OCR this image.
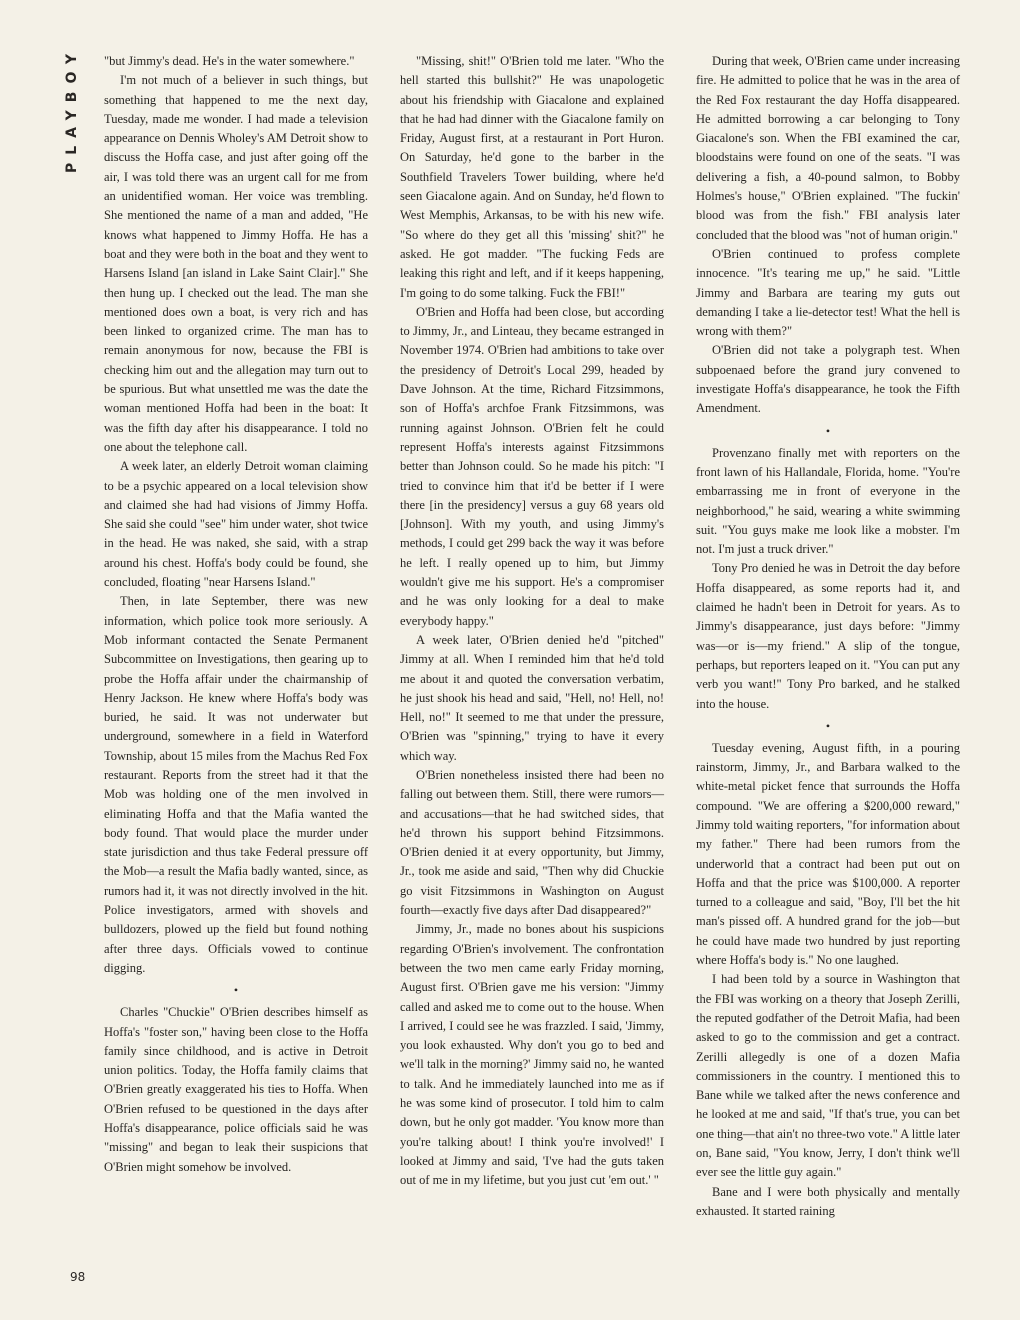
PLAYBOY
98

"but Jimmy's dead. He's in the water somewhere."

I'm not much of a believer in such things, but something that happened to me the next day, Tuesday, made me wonder. I had made a television appearance on Dennis Wholey's AM Detroit show to discuss the Hoffa case, and just after going off the air, I was told there was an urgent call for me from an unidentified woman. Her voice was trembling. She mentioned the name of a man and added, "He knows what happened to Jimmy Hoffa. He has a boat and they were both in the boat and they went to Harsens Island [an island in Lake Saint Clair]." She then hung up. I checked out the lead. The man she mentioned does own a boat, is very rich and has been linked to organized crime. The man has to remain anonymous for now, because the FBI is checking him out and the allegation may turn out to be spurious. But what unsettled me was the date the woman mentioned Hoffa had been in the boat: It was the fifth day after his disappearance. I told no one about the telephone call.

A week later, an elderly Detroit woman claiming to be a psychic appeared on a local television show and claimed she had had visions of Jimmy Hoffa. She said she could "see" him under water, shot twice in the head. He was naked, she said, with a strap around his chest. Hoffa's body could be found, she concluded, floating "near Harsens Island."

Then, in late September, there was new information, which police took more seriously. A Mob informant contacted the Senate Permanent Subcommittee on Investigations, then gearing up to probe the Hoffa affair under the chairmanship of Henry Jackson. He knew where Hoffa's body was buried, he said. It was not underwater but underground, somewhere in a field in Waterford Township, about 15 miles from the Machus Red Fox restaurant. Reports from the street had it that the Mob was holding one of the men involved in eliminating Hoffa and that the Mafia wanted the body found. That would place the murder under state jurisdiction and thus take Federal pressure off the Mob—a result the Mafia badly wanted, since, as rumors had it, it was not directly involved in the hit. Police investigators, armed with shovels and bulldozers, plowed up the field but found nothing after three days. Officials vowed to continue digging.

•

Charles "Chuckie" O'Brien describes himself as Hoffa's "foster son," having been close to the Hoffa family since childhood, and is active in Detroit union politics. Today, the Hoffa family claims that O'Brien greatly exaggerated his ties to Hoffa. When O'Brien refused to be questioned in the days after Hoffa's disappearance, police officials said he was "missing" and began to leak their suspicions that O'Brien might somehow be involved.

"Missing, shit!" O'Brien told me later. "Who the hell started this bullshit?" He was unapologetic about his friendship with Giacalone and explained that he had had dinner with the Giacalone family on Friday, August first, at a restaurant in Port Huron. On Saturday, he'd gone to the barber in the Southfield Travelers Tower building, where he'd seen Giacalone again. And on Sunday, he'd flown to West Memphis, Arkansas, to be with his new wife. "So where do they get all this 'missing' shit?" he asked. He got madder. "The fucking Feds are leaking this right and left, and if it keeps happening, I'm going to do some talking. Fuck the FBI!"

O'Brien and Hoffa had been close, but according to Jimmy, Jr., and Linteau, they became estranged in November 1974. O'Brien had ambitions to take over the presidency of Detroit's Local 299, headed by Dave Johnson. At the time, Richard Fitzsimmons, son of Hoffa's archfoe Frank Fitzsimmons, was running against Johnson. O'Brien felt he could represent Hoffa's interests against Fitzsimmons better than Johnson could. So he made his pitch: "I tried to convince him that it'd be better if I were there [in the presidency] versus a guy 68 years old [Johnson]. With my youth, and using Jimmy's methods, I could get 299 back the way it was before he left. I really opened up to him, but Jimmy wouldn't give me his support. He's a compromiser and he was only looking for a deal to make everybody happy."

A week later, O'Brien denied he'd "pitched" Jimmy at all. When I reminded him that he'd told me about it and quoted the conversation verbatim, he just shook his head and said, "Hell, no! Hell, no! Hell, no!" It seemed to me that under the pressure, O'Brien was "spinning," trying to have it every which way.

O'Brien nonetheless insisted there had been no falling out between them. Still, there were rumors—and accusations—that he had switched sides, that he'd thrown his support behind Fitzsimmons. O'Brien denied it at every opportunity, but Jimmy, Jr., took me aside and said, "Then why did Chuckie go visit Fitzsimmons in Washington on August fourth—exactly five days after Dad disappeared?"

Jimmy, Jr., made no bones about his suspicions regarding O'Brien's involvement. The confrontation between the two men came early Friday morning, August first. O'Brien gave me his version: "Jimmy called and asked me to come out to the house. When I arrived, I could see he was frazzled. I said, 'Jimmy, you look exhausted. Why don't you go to bed and we'll talk in the morning?' Jimmy said no, he wanted to talk. And he immediately launched into me as if he was some kind of prosecutor. I told him to calm down, but he only got madder. 'You know more than you're talking about! I think you're involved!' I looked at Jimmy and said, 'I've had the guts taken out of me in my lifetime, but you just cut 'em out.' "

During that week, O'Brien came under increasing fire. He admitted to police that he was in the area of the Red Fox restaurant the day Hoffa disappeared. He admitted borrowing a car belonging to Tony Giacalone's son. When the FBI examined the car, bloodstains were found on one of the seats. "I was delivering a fish, a 40-pound salmon, to Bobby Holmes's house," O'Brien explained. "The fuckin' blood was from the fish." FBI analysis later concluded that the blood was "not of human origin."

O'Brien continued to profess complete innocence. "It's tearing me up," he said. "Little Jimmy and Barbara are tearing my guts out demanding I take a lie-detector test! What the hell is wrong with them?"

O'Brien did not take a polygraph test. When subpoenaed before the grand jury convened to investigate Hoffa's disappearance, he took the Fifth Amendment.

•

Provenzano finally met with reporters on the front lawn of his Hallandale, Florida, home. "You're embarrassing me in front of everyone in the neighborhood," he said, wearing a white swimming suit. "You guys make me look like a mobster. I'm not. I'm just a truck driver."

Tony Pro denied he was in Detroit the day before Hoffa disappeared, as some reports had it, and claimed he hadn't been in Detroit for years. As to Jimmy's disappearance, just days before: "Jimmy was—or is—my friend." A slip of the tongue, perhaps, but reporters leaped on it. "You can put any verb you want!" Tony Pro barked, and he stalked into the house.

•

Tuesday evening, August fifth, in a pouring rainstorm, Jimmy, Jr., and Barbara walked to the white-metal picket fence that surrounds the Hoffa compound. "We are offering a $200,000 reward," Jimmy told waiting reporters, "for information about my father." There had been rumors from the underworld that a contract had been put out on Hoffa and that the price was $100,000. A reporter turned to a colleague and said, "Boy, I'll bet the hit man's pissed off. A hundred grand for the job—but he could have made two hundred by just reporting where Hoffa's body is." No one laughed.

I had been told by a source in Washington that the FBI was working on a theory that Joseph Zerilli, the reputed godfather of the Detroit Mafia, had been asked to go to the commission and get a contract. Zerilli allegedly is one of a dozen Mafia commissioners in the country. I mentioned this to Bane while we talked after the news conference and he looked at me and said, "If that's true, you can bet one thing—that ain't no three-two vote." A little later on, Bane said, "You know, Jerry, I don't think we'll ever see the little guy again."

Bane and I were both physically and mentally exhausted. It started raining
